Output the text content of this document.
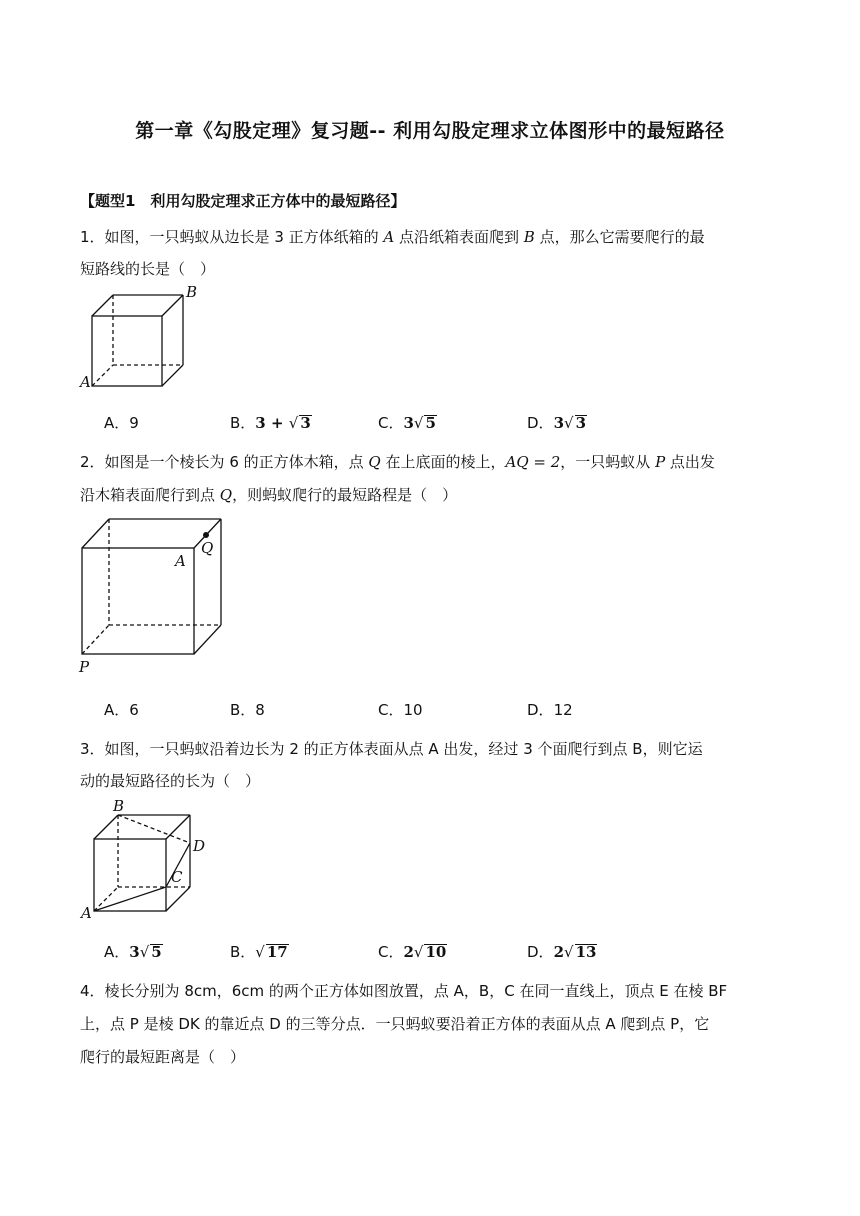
第一章《勾股定理》复习题-- 利用勾股定理求立体图形中的最短路径
【题型1　利用勾股定理求正方体中的最短路径】
1．如图，一只蚂蚁从边长是 3 正方体纸箱的 A 点沿纸箱表面爬到 B 点，那么它需要爬行的最
短路线的长是（　）
A
B
A．9	B．3 + √ 3	C．3√ 5	D．3√ 3
2．如图是一个棱长为 6 的正方体木箱，点 Q 在上底面的棱上，AQ = 2，一只蚂蚁从 P 点出发
沿木箱表面爬行到点 Q，则蚂蚁爬行的最短路程是（　）
Q
A
P
A．6	B．8	C．10	D．12
3．如图，一只蚂蚁沿着边长为 2 的正方体表面从点 A 出发，经过 3 个面爬行到点 B，则它运
动的最短路径的长为（　）
B
D
C
A
A．3√ 5	B．√ 17	C．2√ 10	D．2√ 13
4．棱长分别为 8cm，6cm 的两个正方体如图放置，点 A，B，C 在同一直线上，顶点 E 在棱 BF
上，点 P 是棱 DK 的靠近点 D 的三等分点．一只蚂蚁要沿着正方体的表面从点 A 爬到点 P，它
爬行的最短距离是（　）
